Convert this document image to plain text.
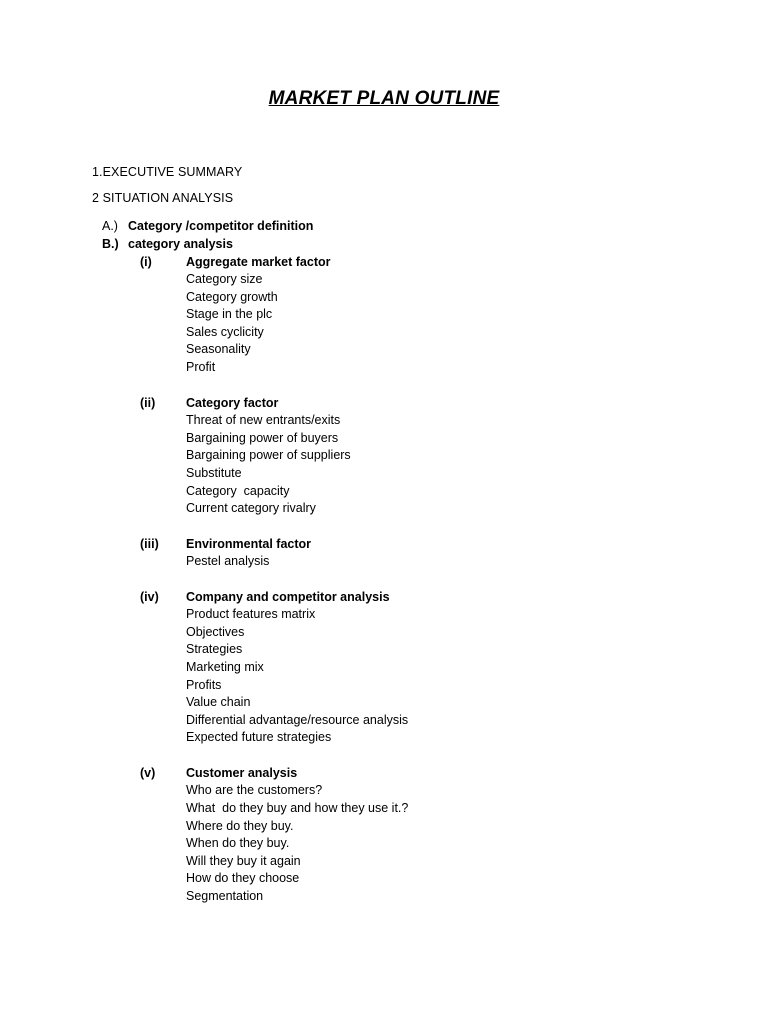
MARKET PLAN OUTLINE
1.EXECUTIVE SUMMARY
2 SITUATION ANALYSIS
A.) Category /competitor definition
B.) category analysis
(i)	Aggregate market factor
Category size
Category growth
Stage in the plc
Sales cyclicity
Seasonality
Profit
(ii) Category factor
Threat of new entrants/exits
Bargaining power of buyers
Bargaining power of suppliers
Substitute
Category  capacity
Current category rivalry
(iii) Environmental factor
Pestel analysis
(iv) Company and competitor analysis
Product features matrix
Objectives
Strategies
Marketing mix
Profits
Value chain
Differential advantage/resource analysis
Expected future strategies
(v) Customer analysis
Who are the customers?
What  do they buy and how they use it.?
Where do they buy.
When do they buy.
Will they buy it again
How do they choose
Segmentation
